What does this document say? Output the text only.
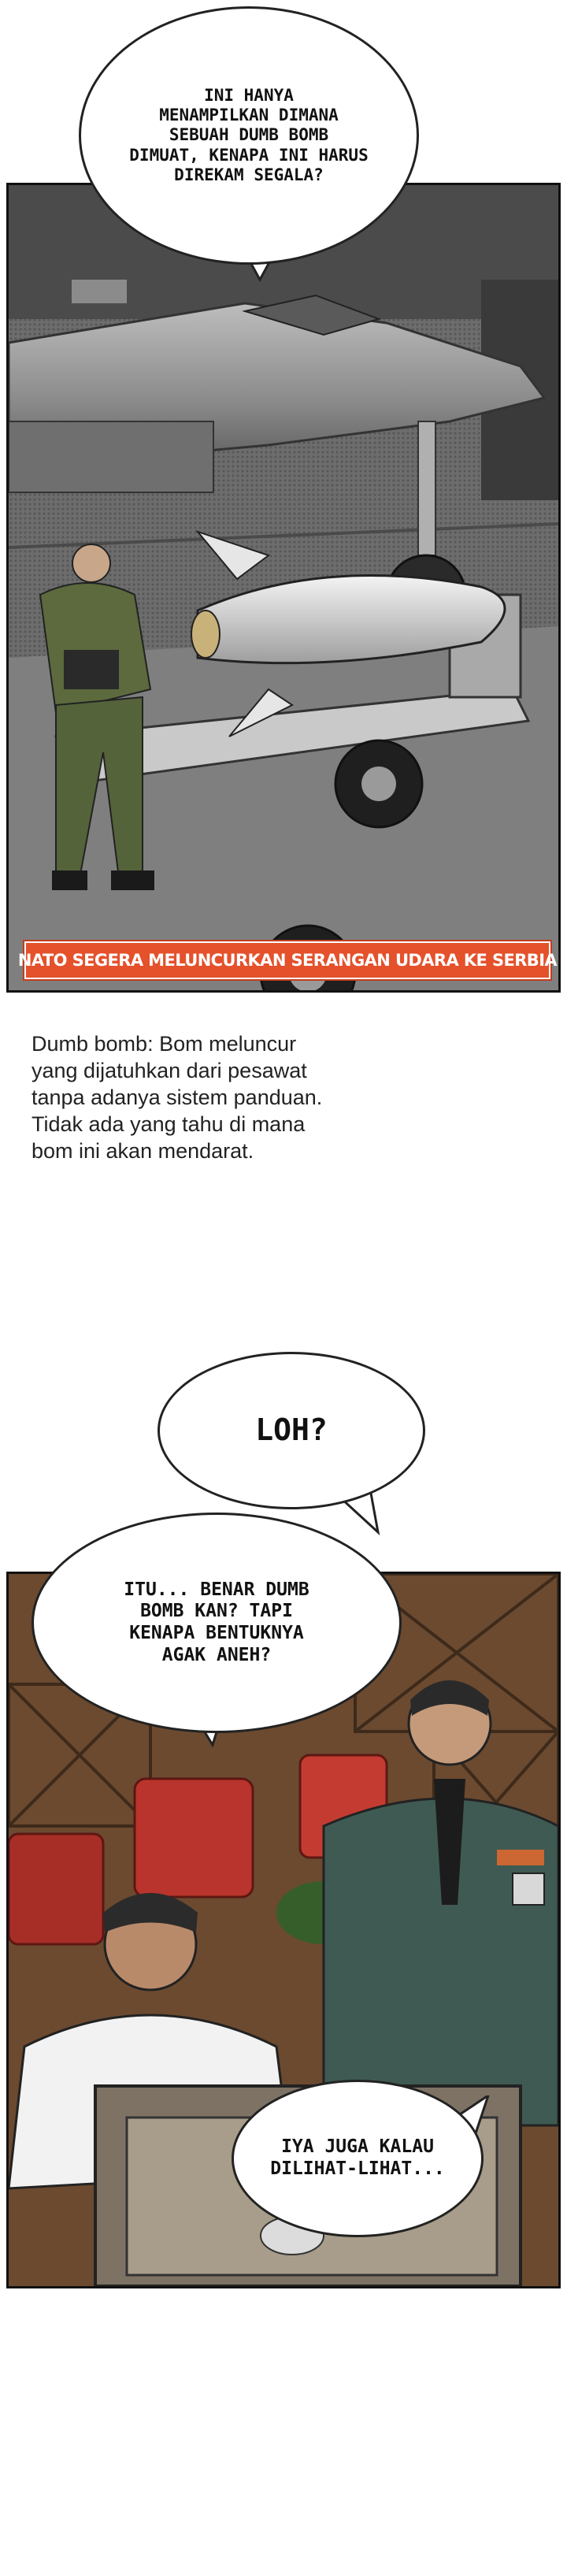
NATO SEGERA MELUNCURKAN SERANGAN UDARA KE SERBIA
INI HANYA
MENAMPILKAN DIMANA
SEBUAH DUMB BOMB
DIMUAT, KENAPA INI HARUS
DIREKAM SEGALA?
Dumb bomb: Bom meluncur
yang dijatuhkan dari pesawat
tanpa adanya sistem panduan.
Tidak ada yang tahu di mana
bom ini akan mendarat.
LOH?
ITU... BENAR DUMB
BOMB KAN? TAPI
KENAPA BENTUKNYA
AGAK ANEH?
IYA JUGA KALAU
DILIHAT-LIHAT...
